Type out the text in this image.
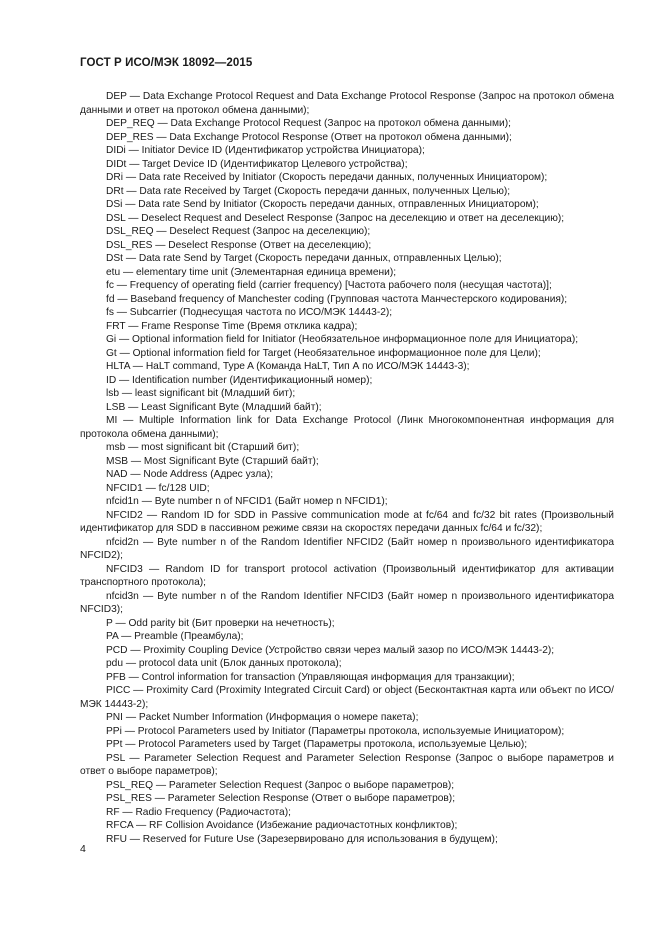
ГОСТ Р ИСО/МЭК 18092—2015

DEP — Data Exchange Protocol Request and Data Exchange Protocol Response (Запрос на протокол обмена данными и ответ на протокол обмена данными);

DEP_REQ — Data Exchange Protocol Request (Запрос на протокол обмена данными);

DEP_RES — Data Exchange Protocol Response (Ответ на протокол обмена данными);

DIDi — Initiator Device ID (Идентификатор устройства Инициатора);

DIDt — Target Device ID (Идентификатор Целевого устройства);

DRi — Data rate Received by Initiator (Скорость передачи данных, полученных Инициатором);

DRt — Data rate Received by Target (Скорость передачи данных, полученных Целью);

DSi — Data rate Send by Initiator (Скорость передачи данных, отправленных Инициатором);

DSL — Deselect Request and Deselect Response (Запрос на деселекцию и ответ на деселекцию);

DSL_REQ — Deselect Request (Запрос на деселекцию);

DSL_RES — Deselect Response (Ответ на деселекцию);

DSt — Data rate Send by Target (Скорость передачи данных, отправленных Целью);

etu — elementary time unit (Элементарная единица времени);

fc — Frequency of operating field (carrier frequency) [Частота рабочего поля (несущая частота)];

fd — Baseband frequency of Manchester coding (Групповая частота Манчестерского кодирования);

fs — Subcarrier (Поднесущая частота по ИСО/МЭК 14443-2);

FRT — Frame Response Time (Время отклика кадра);

Gi — Optional information field for Initiator (Необязательное информационное поле для Инициатора);

Gt — Optional information field for Target (Необязательное информационное поле для Цели);

HLTA — HaLT command, Type A (Команда HaLT, Тип А по ИСО/МЭК 14443-3);

ID — Identification number (Идентификационный номер);

lsb — least significant bit (Младший бит);

LSB — Least Significant Byte (Младший байт);

MI — Multiple Information link for Data Exchange Protocol (Линк Многокомпонентная информация для протокола обмена данными);

msb — most significant bit (Старший бит);

MSB — Most Significant Byte (Старший байт);

NAD — Node Address (Адрес узла);

NFCID1 — fc/128 UID;

nfcid1n — Byte number n of NFCID1 (Байт номер n NFCID1);

NFCID2 — Random ID for SDD in Passive communication mode at fc/64 and fc/32 bit rates (Произвольный идентификатор для SDD в пассивном режиме связи на скоростях передачи данных fc/64 и fc/32);

nfcid2n — Byte number n of the Random Identifier NFCID2 (Байт номер n произвольного идентификатора NFCID2);

NFCID3 — Random ID for transport protocol activation (Произвольный идентификатор для активации транспортного протокола);

nfcid3n — Byte number n of the Random Identifier NFCID3 (Байт номер n произвольного идентификатора NFCID3);

P — Odd parity bit (Бит проверки на нечетность);

PA — Preamble (Преамбула);

PCD — Proximity Coupling Device (Устройство связи через малый зазор по ИСО/МЭК 14443-2);

pdu — protocol data unit (Блок данных протокола);

PFB — Control information for transaction (Управляющая информация для транзакции);

PICC — Proximity Card (Proximity Integrated Circuit Card) or object (Бесконтактная карта или объект по ИСО/МЭК 14443-2);

PNI — Packet Number Information (Информация о номере пакета);

PPi — Protocol Parameters used by Initiator (Параметры протокола, используемые Инициатором);

PPt — Protocol Parameters used by Target (Параметры протокола, используемые Целью);

PSL — Parameter Selection Request and Parameter Selection Response (Запрос о выборе параметров и ответ о выборе параметров);

PSL_REQ — Parameter Selection Request (Запрос о выборе параметров);

PSL_RES — Parameter Selection Response (Ответ о выборе параметров);

RF — Radio Frequency (Радиочастота);

RFCA — RF Collision Avoidance (Избежание радиочастотных конфликтов);

RFU — Reserved for Future Use (Зарезервировано для использования в будущем);

4
